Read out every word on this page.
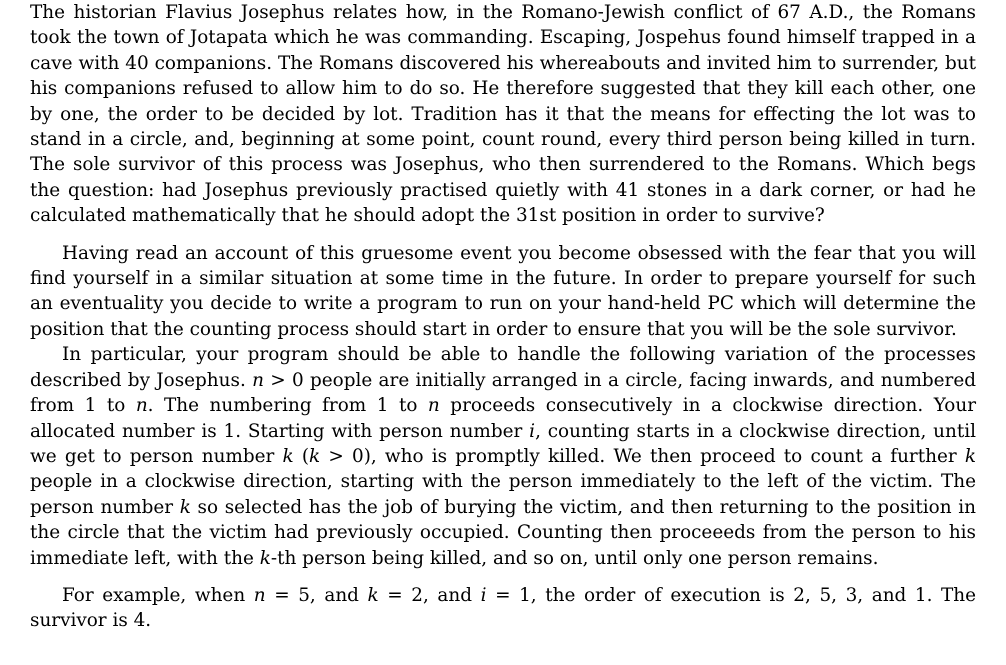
The historian Flavius Josephus relates how, in the Romano-Jewish conflict of 67 A.D., the Romans took the town of Jotapata which he was commanding. Escaping, Jospehus found himself trapped in a cave with 40 companions. The Romans discovered his whereabouts and invited him to surrender, but his companions refused to allow him to do so. He therefore suggested that they kill each other, one by one, the order to be decided by lot. Tradition has it that the means for effecting the lot was to stand in a circle, and, beginning at some point, count round, every third person being killed in turn. The sole survivor of this process was Josephus, who then surrendered to the Romans. Which begs the question: had Josephus previously practised quietly with 41 stones in a dark corner, or had he calculated mathematically that he should adopt the 31st position in order to survive?

Having read an account of this gruesome event you become obsessed with the fear that you will find yourself in a similar situation at some time in the future. In order to prepare yourself for such an eventuality you decide to write a program to run on your hand-held PC which will determine the position that the counting process should start in order to ensure that you will be the sole survivor.

In particular, your program should be able to handle the following variation of the processes described by Josephus. n > 0 people are initially arranged in a circle, facing inwards, and numbered from 1 to n. The numbering from 1 to n proceeds consecutively in a clockwise direction. Your allocated number is 1. Starting with person number i, counting starts in a clockwise direction, until we get to person number k (k > 0), who is promptly killed. We then proceed to count a further k people in a clockwise direction, starting with the person immediately to the left of the victim. The person number k so selected has the job of burying the victim, and then returning to the position in the circle that the victim had previously occupied. Counting then proceeeds from the person to his immediate left, with the k-th person being killed, and so on, until only one person remains.

For example, when n = 5, and k = 2, and i = 1, the order of execution is 2, 5, 3, and 1. The survivor is 4.
